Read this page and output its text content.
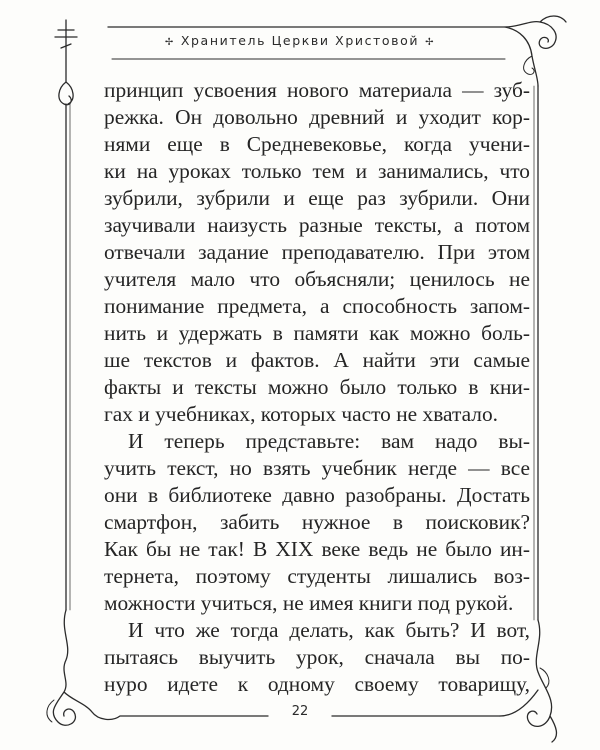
✢ Хранитель Церкви Христовой ✢
принцип усвоения нового материала — зуб-
режка. Он довольно древний и уходит кор-
нями еще в Средневековье, когда учени-
ки на уроках только тем и занимались, что
зубрили, зубрили и еще раз зубрили. Они
заучивали наизусть разные тексты, а потом
отвечали задание преподавателю. При этом
учителя мало что объясняли; ценилось не
понимание предмета, а способность запом-
нить и удержать в памяти как можно боль-
ше текстов и фактов. А найти эти самые
факты и тексты можно было только в кни-
гах и учебниках, которых часто не хватало.
И теперь представьте: вам надо вы-
учить текст, но взять учебник негде — все
они в библиотеке давно разобраны. Достать
смартфон, забить нужное в поисковик?
Как бы не так! В XIX веке ведь не было ин-
тернета, поэтому студенты лишались воз-
можности учиться, не имея книги под рукой.
И что же тогда делать, как быть? И вот,
пытаясь выучить урок, сначала вы по-
нуро идете к одному своему товарищу,
22
